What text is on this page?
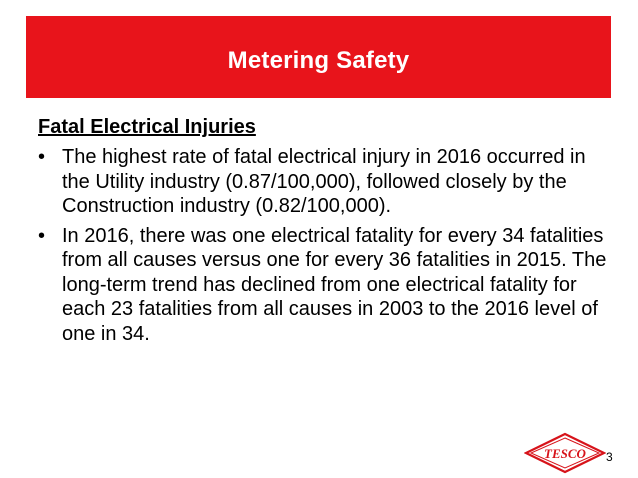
Metering Safety
Fatal Electrical Injuries
• The highest rate of fatal electrical injury in 2016 occurred in the Utility industry (0.87/100,000), followed closely by the Construction industry (0.82/100,000).
• In 2016, there was one electrical fatality for every 34 fatalities from all causes versus one for every 36 fatalities in 2015. The long-term trend has declined from one electrical fatality for each 23 fatalities from all causes in 2003 to the 2016 level of one in 34.
TESCO 3
